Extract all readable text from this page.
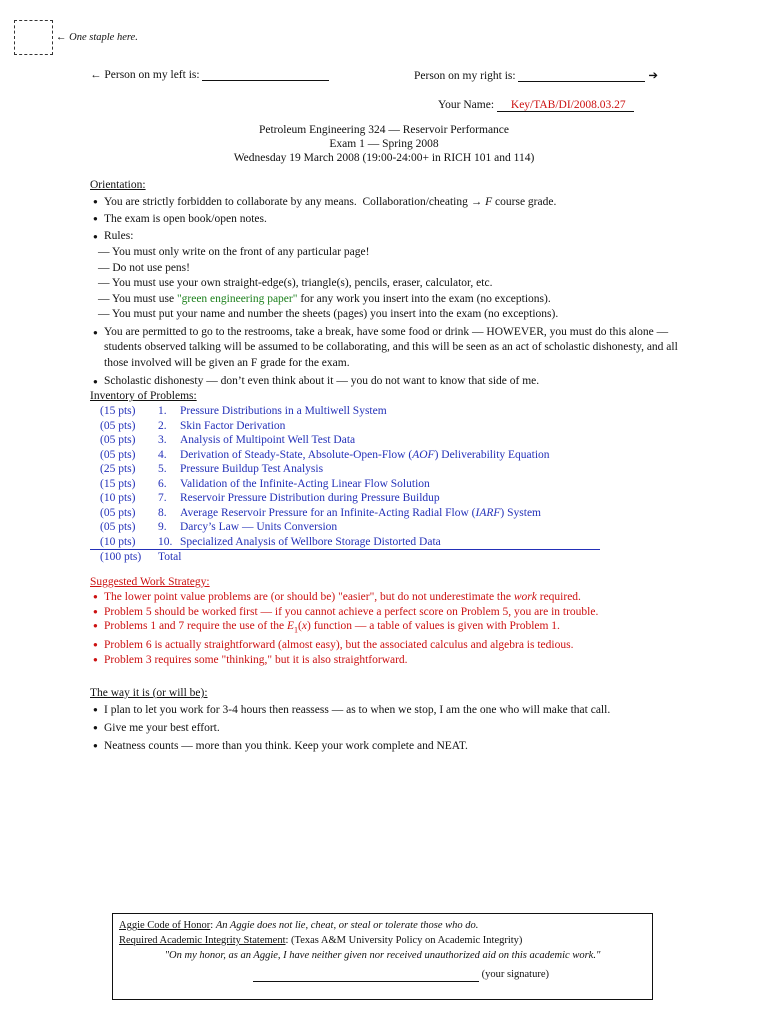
← One staple here.
← Person on my left is:	Person on my right is:	➔
Your Name: Key/TAB/DI/2008.03.27
Petroleum Engineering 324 — Reservoir Performance
Exam 1 — Spring 2008
Wednesday 19 March 2008 (19:00-24:00+ in RICH 101 and 114)
Orientation:
● You are strictly forbidden to collaborate by any means.  Collaboration/cheating → F course grade.
● The exam is open book/open notes.
● Rules:
— You must only write on the front of any particular page!
— Do not use pens!
— You must use your own straight-edge(s), triangle(s), pencils, eraser, calculator, etc.
— You must use "green engineering paper" for any work you insert into the exam (no exceptions).
— You must put your name and number the sheets (pages) you insert into the exam (no exceptions).
● You are permitted to go to the restrooms, take a break, have some food or drink — HOWEVER, you must do this alone — students observed talking will be assumed to be collaborating, and this will be seen as an act of scholastic dishonesty, and all those involved will be given an F grade for the exam.
● Scholastic dishonesty — don’t even think about it — you do not want to know that side of me.
Inventory of Problems:
(15 pts)	1.	Pressure Distributions in a Multiwell System
(05 pts)	2.	Skin Factor Derivation
(05 pts)	3.	Analysis of Multipoint Well Test Data
(05 pts)	4.	Derivation of Steady-State, Absolute-Open-Flow (AOF) Deliverability Equation
(25 pts)	5.	Pressure Buildup Test Analysis
(15 pts)	6.	Validation of the Infinite-Acting Linear Flow Solution
(10 pts)	7.	Reservoir Pressure Distribution during Pressure Buildup
(05 pts)	8.	Average Reservoir Pressure for an Infinite-Acting Radial Flow (IARF) System
(05 pts)	9.	Darcy’s Law — Units Conversion
(10 pts)	10.	Specialized Analysis of Wellbore Storage Distorted Data
(100 pts)	Total	
Suggested Work Strategy:
● The lower point value problems are (or should be) "easier", but do not underestimate the work required.
● Problem 5 should be worked first — if you cannot achieve a perfect score on Problem 5, you are in trouble.
● Problems 1 and 7 require the use of the $E_1(x)$ function — a table of values is given with Problem 1.
● Problem 6 is actually straightforward (almost easy), but the associated calculus and algebra is tedious.
● Problem 3 requires some "thinking," but it is also straightforward.
The way it is (or will be):
● I plan to let you work for 3-4 hours then reassess — as to when we stop, I am the one who will make that call.
● Give me your best effort.
● Neatness counts — more than you think. Keep your work complete and NEAT.
Aggie Code of Honor: An Aggie does not lie, cheat, or steal or tolerate those who do.
Required Academic Integrity Statement: (Texas A&M University Policy on Academic Integrity)
"On my honor, as an Aggie, I have neither given nor received unauthorized aid on this academic work."
(your signature)
